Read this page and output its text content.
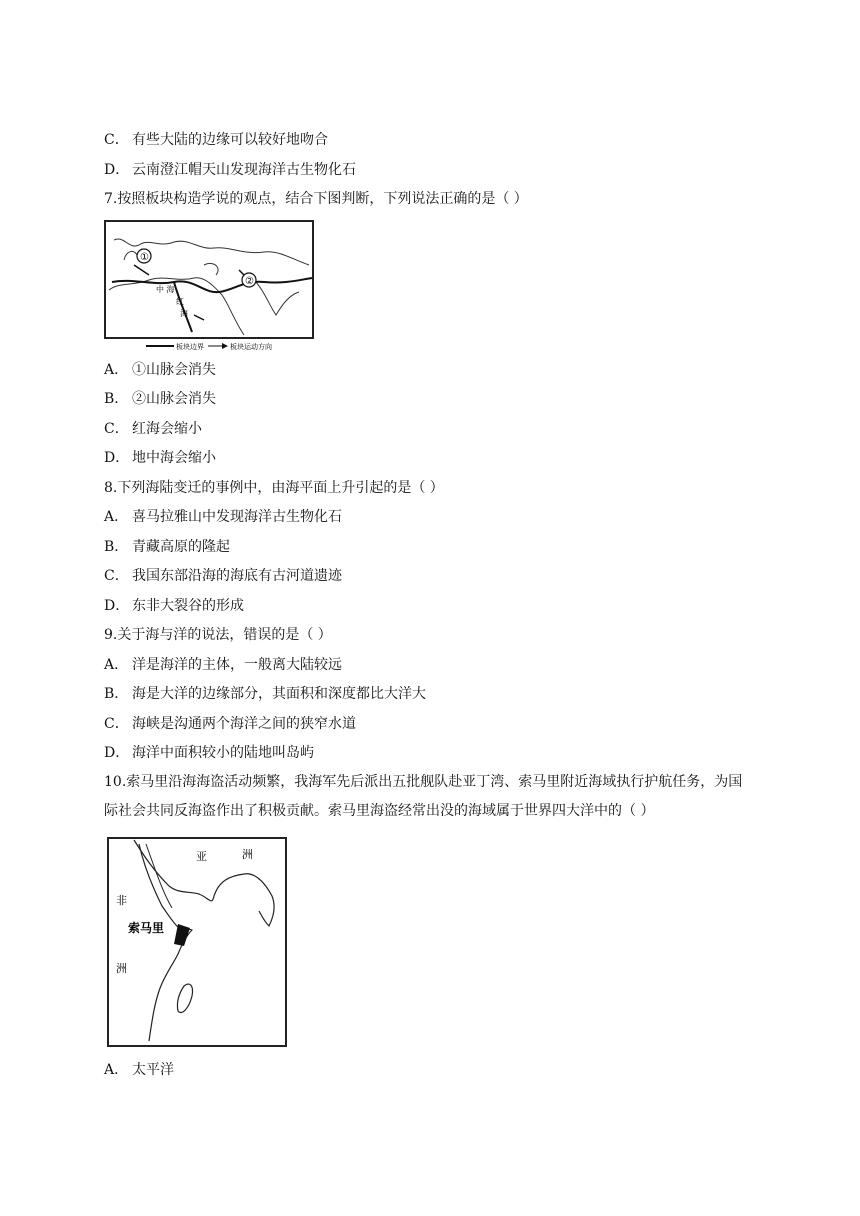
C． 有些大陆的边缘可以较好地吻合
D． 云南澄江帽天山发现海洋古生物化石
7.按照板块构造学说的观点，结合下图判断，下列说法正确的是（ ）
①
②
中 海
红
海
板块边界	板块运动方向
A． ①山脉会消失
B． ②山脉会消失
C． 红海会缩小
D． 地中海会缩小
8.下列海陆变迁的事例中，由海平面上升引起的是（ ）
A． 喜马拉雅山中发现海洋古生物化石
B． 青藏高原的隆起
C． 我国东部沿海的海底有古河道遗迹
D． 东非大裂谷的形成
9.关于海与洋的说法，错误的是（ ）
A． 洋是海洋的主体，一般离大陆较远
B． 海是大洋的边缘部分，其面积和深度都比大洋大
C． 海峡是沟通两个海洋之间的狭窄水道
D． 海洋中面积较小的陆地叫岛屿
10.索马里沿海海盗活动频繁，我海军先后派出五批舰队赴亚丁湾、索马里附近海域执行护航任务，为国际社会共同反海盗作出了积极贡献。索马里海盗经常出没的海域属于世界四大洋中的（ ）
亚	洲
非
洲
索马里
A． 太平洋
